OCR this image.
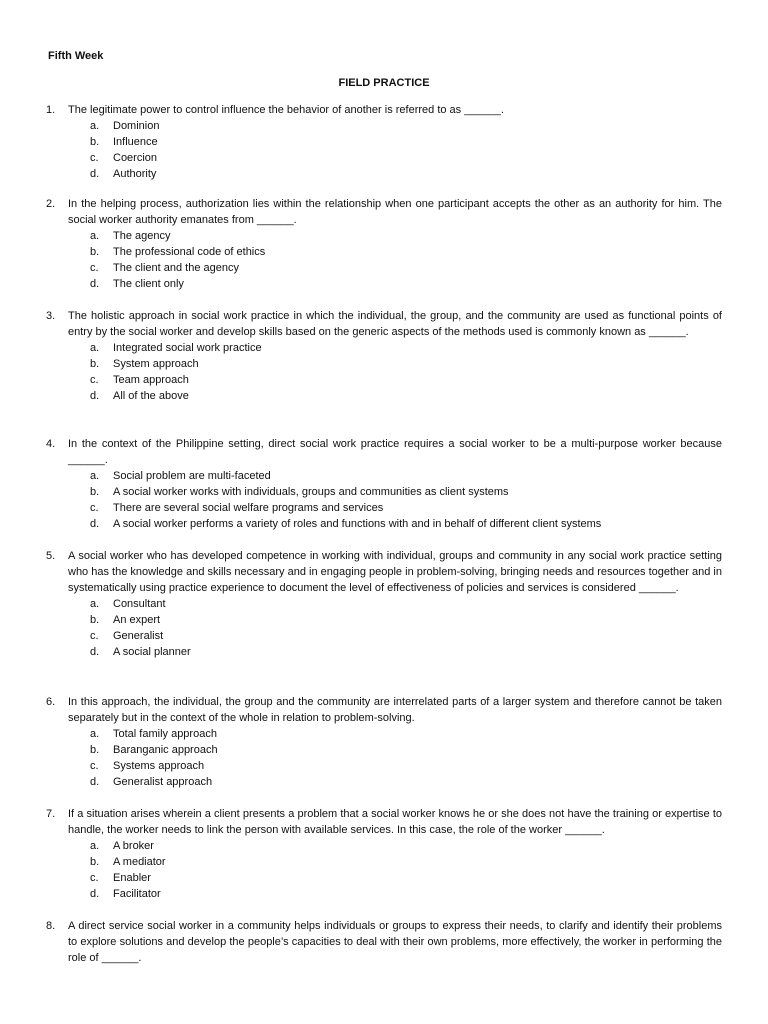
Fifth Week
FIELD PRACTICE
1. The legitimate power to control influence the behavior of another is referred to as ______.
a. Dominion
b. Influence
c. Coercion
d. Authority
2. In the helping process, authorization lies within the relationship when one participant accepts the other as an authority for him. The social worker authority emanates from ______.
a. The agency
b. The professional code of ethics
c. The client and the agency
d. The client only
3. The holistic approach in social work practice in which the individual, the group, and the community are used as functional points of entry by the social worker and develop skills based on the generic aspects of the methods used is commonly known as ______.
a. Integrated social work practice
b. System approach
c. Team approach
d. All of the above
4. In the context of the Philippine setting, direct social work practice requires a social worker to be a multi-purpose worker because ______.
a. Social problem are multi-faceted
b. A social worker works with individuals, groups and communities as client systems
c. There are several social welfare programs and services
d. A social worker performs a variety of roles and functions with and in behalf of different client systems
5. A social worker who has developed competence in working with individual, groups and community in any social work practice setting who has the knowledge and skills necessary and in engaging people in problem-solving, bringing needs and resources together and in systematically using practice experience to document the level of effectiveness of policies and services is considered ______.
a. Consultant
b. An expert
c. Generalist
d. A social planner
6. In this approach, the individual, the group and the community are interrelated parts of a larger system and therefore cannot be taken separately but in the context of the whole in relation to problem-solving.
a. Total family approach
b. Baranganic approach
c. Systems approach
d. Generalist approach
7. If a situation arises wherein a client presents a problem that a social worker knows he or she does not have the training or expertise to handle, the worker needs to link the person with available services. In this case, the role of the worker ______.
a. A broker
b. A mediator
c. Enabler
d. Facilitator
8. A direct service social worker in a community helps individuals or groups to express their needs, to clarify and identify their problems to explore solutions and develop the people’s capacities to deal with their own problems, more effectively, the worker in performing the role of ______.
